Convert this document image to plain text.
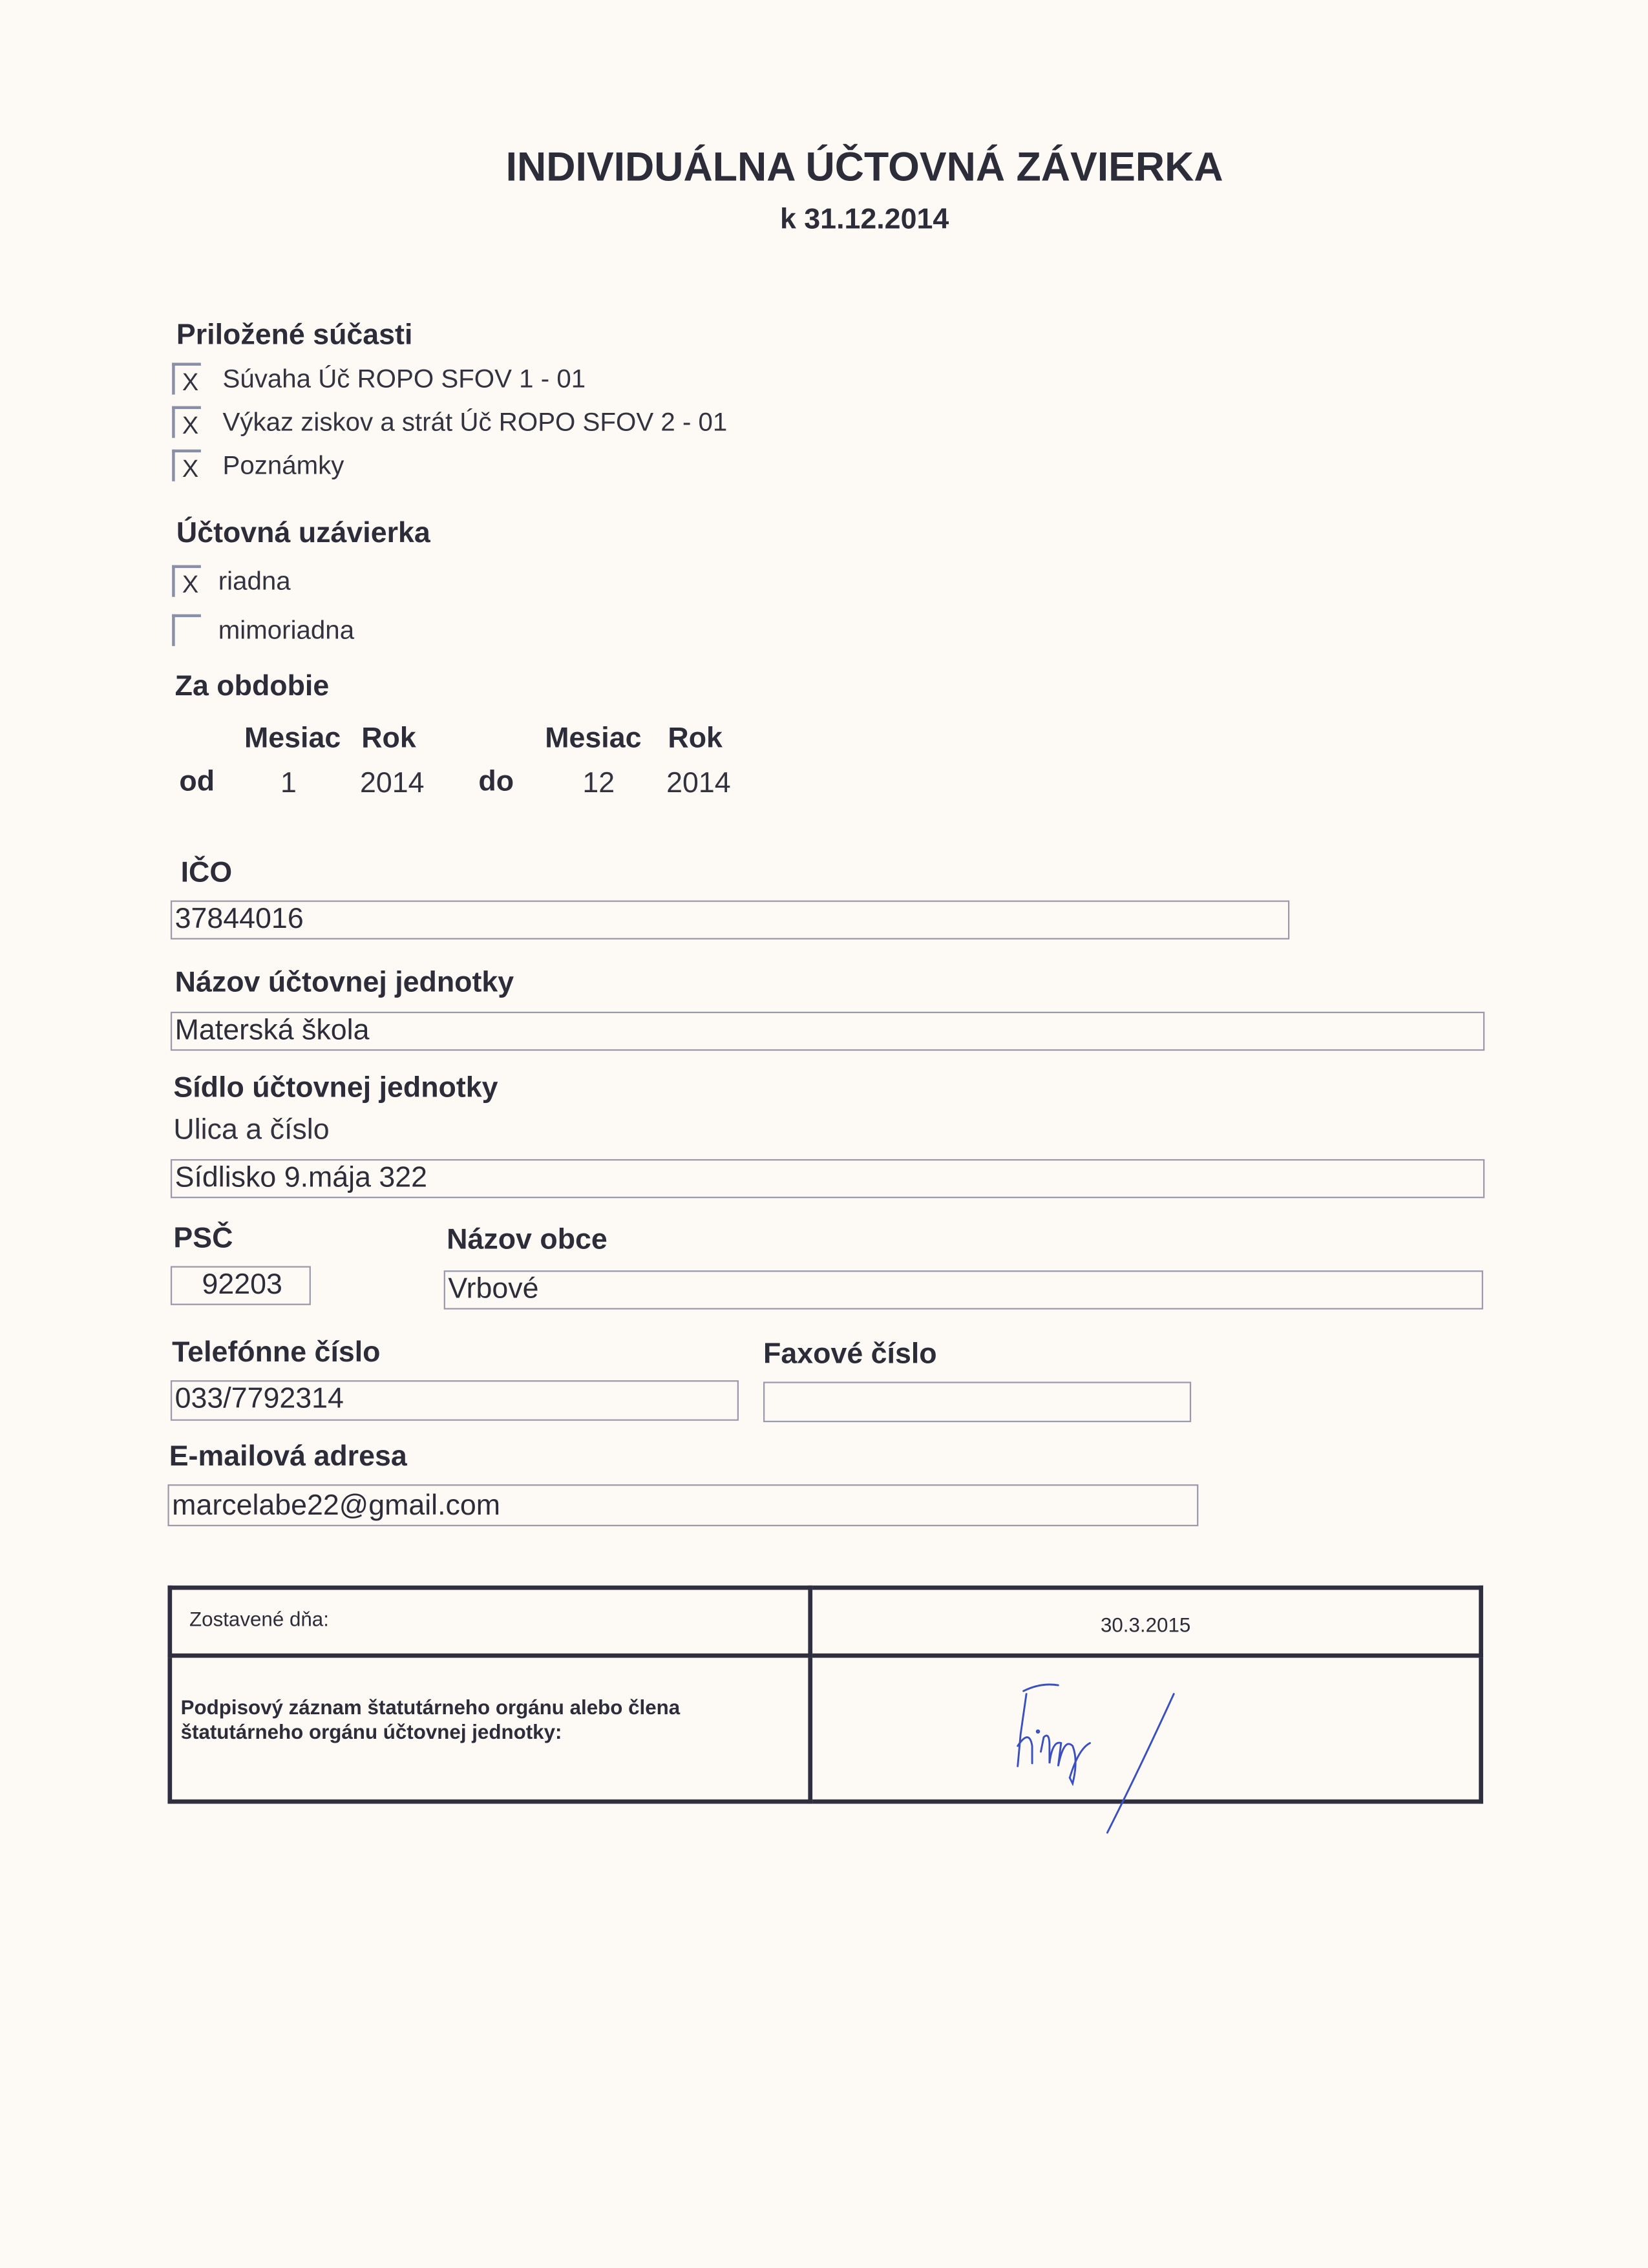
INDIVIDUÁLNA ÚČTOVNÁ ZÁVIERKA
k 31.12.2014
Priložené súčasti
X Súvaha Úč ROPO SFOV 1 - 01
X Výkaz ziskov a strát Úč ROPO SFOV 2 - 01
X Poznámky
Účtovná uzávierka
X riadna
mimoriadna
Za obdobie
Mesiac Rok	Mesiac Rok
od	1	2014	do	12	2014
IČO
37844016
Názov účtovnej jednotky
Materská škola
Sídlo účtovnej jednotky
Ulica a číslo
Sídlisko 9.mája 322
PSČ
92203
Názov obce
Vrbové
Telefónne číslo
033/7792314
Faxové číslo
E-mailová adresa
marcelabe22@gmail.com
Zostavené dňa:	30.3.2015
Podpisový záznam štatutárneho orgánu alebo člena štatutárneho orgánu účtovnej jednotky:	
